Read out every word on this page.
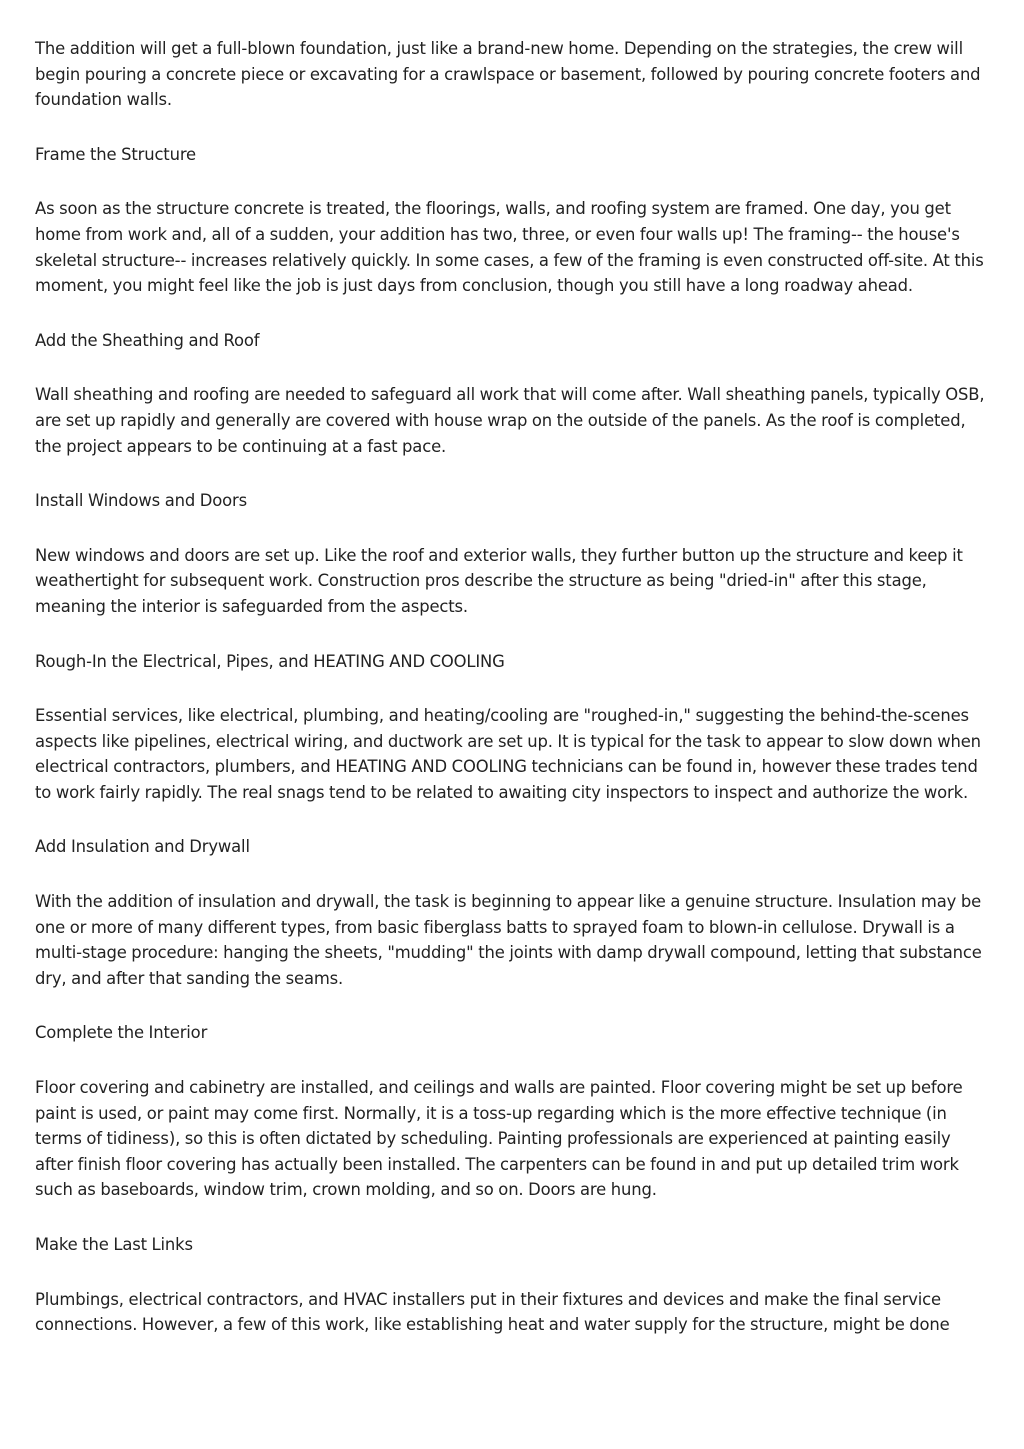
The addition will get a full-blown foundation, just like a brand-new home. Depending on the strategies, the crew will begin pouring a concrete piece or excavating for a crawlspace or basement, followed by pouring concrete footers and foundation walls.

Frame the Structure

As soon as the structure concrete is treated, the floorings, walls, and roofing system are framed. One day, you get home from work and, all of a sudden, your addition has two, three, or even four walls up! The framing-- the house's skeletal structure-- increases relatively quickly. In some cases, a few of the framing is even constructed off-site. At this moment, you might feel like the job is just days from conclusion, though you still have a long roadway ahead.

Add the Sheathing and Roof

Wall sheathing and roofing are needed to safeguard all work that will come after. Wall sheathing panels, typically OSB, are set up rapidly and generally are covered with house wrap on the outside of the panels. As the roof is completed, the project appears to be continuing at a fast pace.

Install Windows and Doors

New windows and doors are set up. Like the roof and exterior walls, they further button up the structure and keep it weathertight for subsequent work. Construction pros describe the structure as being "dried-in" after this stage, meaning the interior is safeguarded from the aspects.

Rough-In the Electrical, Pipes, and HEATING AND COOLING

Essential services, like electrical, plumbing, and heating/cooling are "roughed-in," suggesting the behind-the-scenes aspects like pipelines, electrical wiring, and ductwork are set up. It is typical for the task to appear to slow down when electrical contractors, plumbers, and HEATING AND COOLING technicians can be found in, however these trades tend to work fairly rapidly. The real snags tend to be related to awaiting city inspectors to inspect and authorize the work.

Add Insulation and Drywall

With the addition of insulation and drywall, the task is beginning to appear like a genuine structure. Insulation may be one or more of many different types, from basic fiberglass batts to sprayed foam to blown-in cellulose. Drywall is a multi-stage procedure: hanging the sheets, "mudding" the joints with damp drywall compound, letting that substance dry, and after that sanding the seams.

Complete the Interior

Floor covering and cabinetry are installed, and ceilings and walls are painted. Floor covering might be set up before paint is used, or paint may come first. Normally, it is a toss-up regarding which is the more effective technique (in terms of tidiness), so this is often dictated by scheduling. Painting professionals are experienced at painting easily after finish floor covering has actually been installed. The carpenters can be found in and put up detailed trim work such as baseboards, window trim, crown molding, and so on. Doors are hung.

Make the Last Links

Plumbings, electrical contractors, and HVAC installers put in their fixtures and devices and make the final service connections. However, a few of this work, like establishing heat and water supply for the structure, might be done
